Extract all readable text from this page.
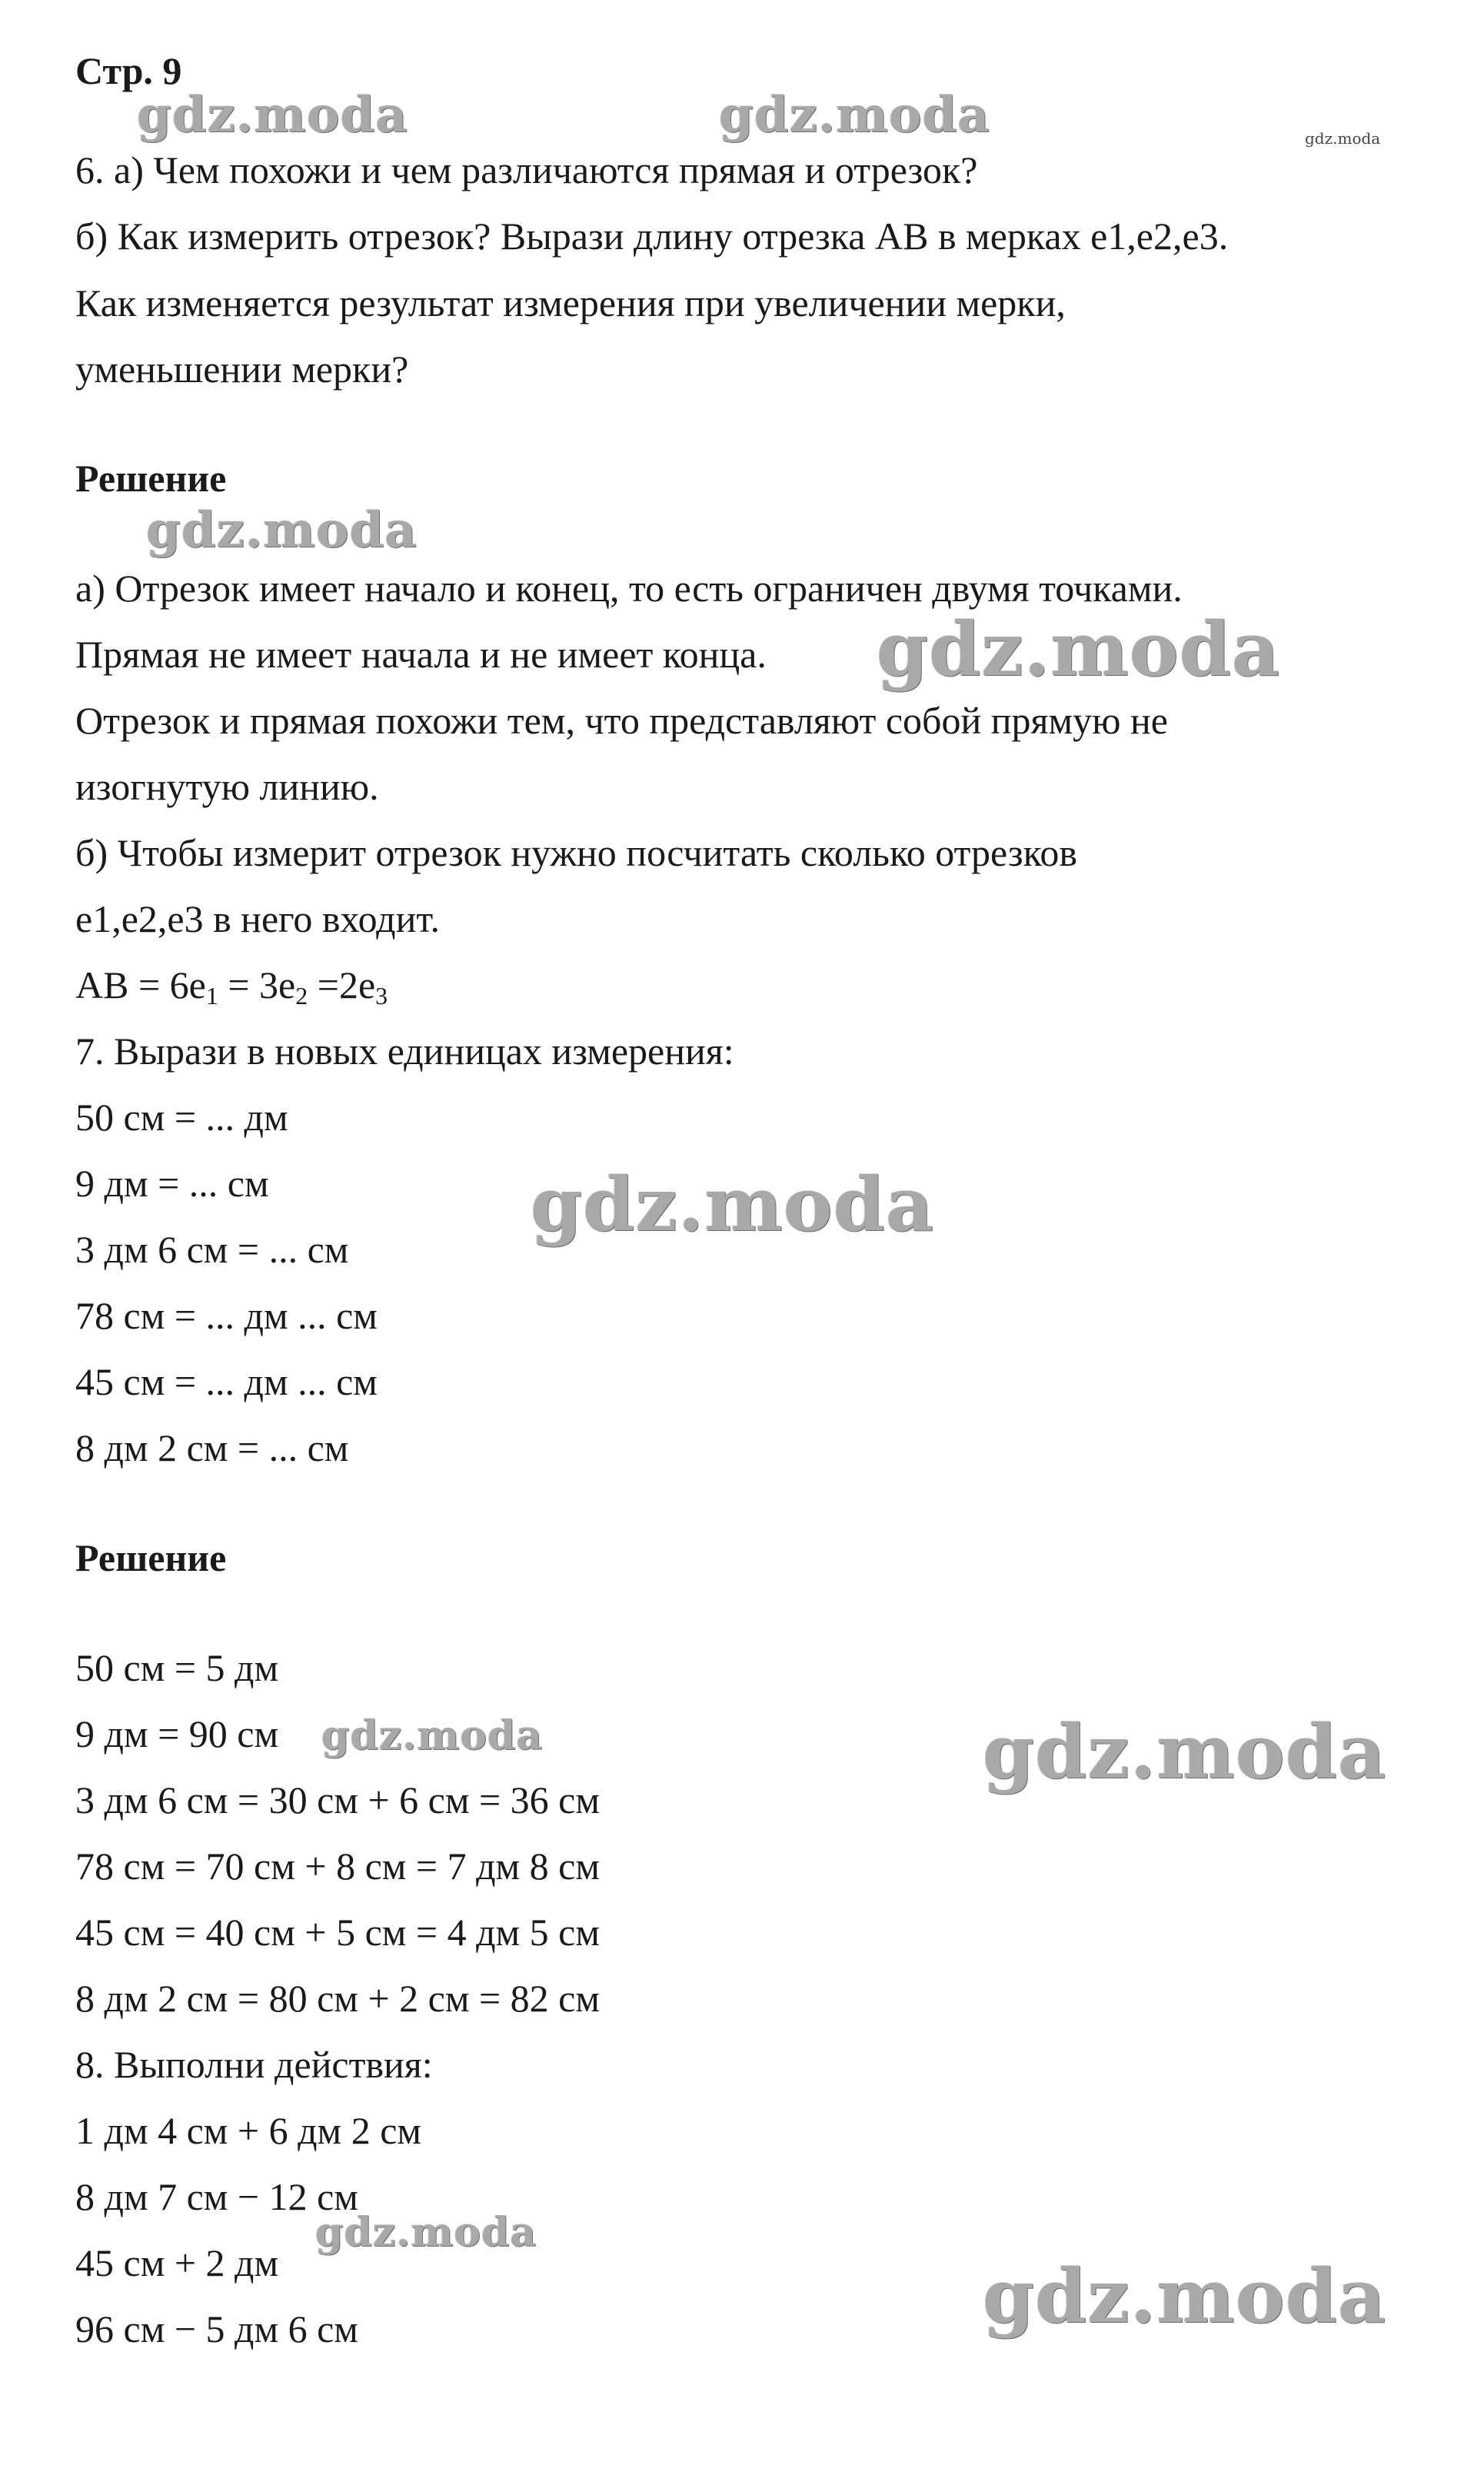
Стр. 9
6. а) Чем похожи и чем различаются прямая и отрезок?
б) Как измерить отрезок? Вырази длину отрезка АВ в мерках е1,е2,е3.
Как изменяется результат измерения при увеличении мерки,
уменьшении мерки?
Решение
а) Отрезок имеет начало и конец, то есть ограничен двумя точками.
Прямая не имеет начала и не имеет конца.
Отрезок и прямая похожи тем, что представляют собой прямую не
изогнутую линию.
б) Чтобы измерит отрезок нужно посчитать сколько отрезков
е1,е2,е3 в него входит.
АВ = $6е_1 = 3е_2 =2е_3$
7. Вырази в новых единицах измерения:
50 см = ... дм
9 дм = ... см
3 дм 6 см = ... см
78 см = ... дм ... см
45 см = ... дм ... см
8 дм 2 см = ... см
Решение
50 см = 5 дм
9 дм = 90 см
3 дм 6 см = 30 см + 6 см = 36 см
78 см = 70 см + 8 см = 7 дм 8 см
45 см = 40 см + 5 см = 4 дм 5 см
8 дм 2 см = 80 см + 2 см = 82 см
8. Выполни действия:
1 дм 4 см + 6 дм 2 см
8 дм 7 см − 12 см
45 см + 2 дм
96 см − 5 дм 6 см
gdz.moda	gdz.moda	gdz.moda
gdz.moda
gdz.moda
gdz.moda
gdz.moda	gdz.moda
gdz.moda
gdz.moda
